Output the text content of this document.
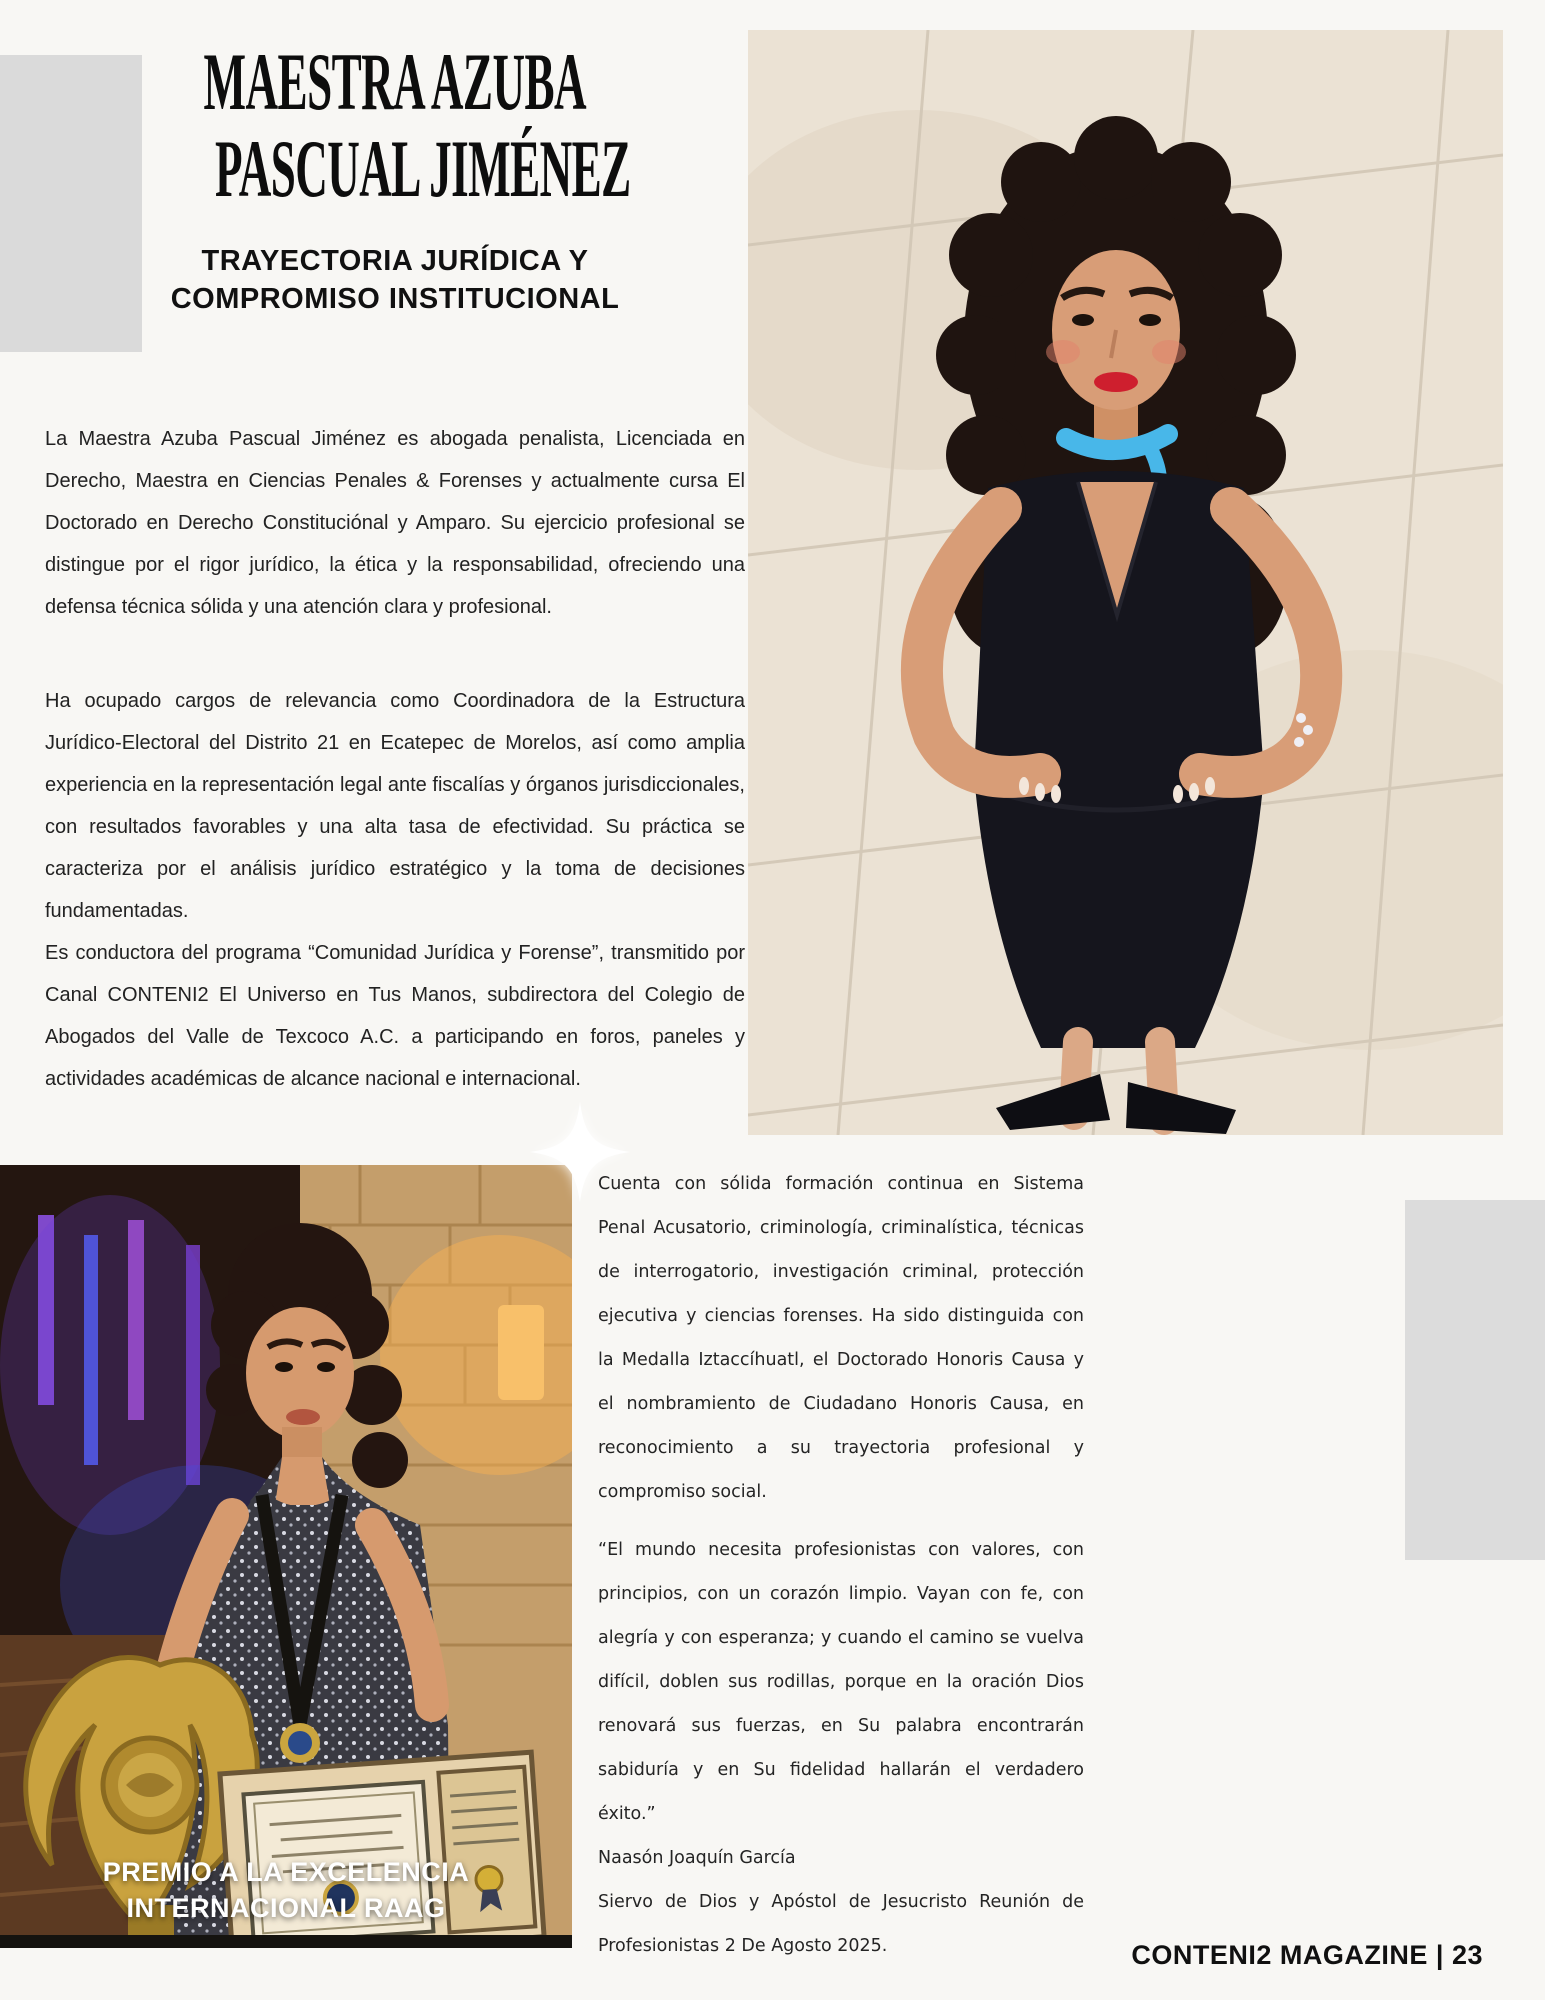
MAESTRA AZUBA
PASCUAL JIMÉNEZ
TRAYECTORIA JURÍDICA Y
COMPROMISO INSTITUCIONAL

La Maestra Azuba Pascual Jiménez es abogada penalista, Licenciada en Derecho, Maestra en Ciencias Penales & Forenses y actualmente cursa El Doctorado en Derecho Constituciónal y Amparo. Su ejercicio profesional se distingue por el rigor jurídico, la ética y la responsabilidad, ofreciendo una defensa técnica sólida y una atención clara y profesional.

Ha ocupado cargos de relevancia como Coordinadora de la Estructura Jurídico-Electoral del Distrito 21 en Ecatepec de Morelos, así como amplia experiencia en la representación legal ante fiscalías y órganos jurisdiccionales, con resultados favorables y una alta tasa de efectividad. Su práctica se caracteriza por el análisis jurídico estratégico y la toma de decisiones fundamentadas.

Es conductora del programa “Comunidad Jurídica y Forense”, transmitido por Canal CONTENI2 El Universo en Tus Manos, subdirectora del Colegio de Abogados del Valle de Texcoco A.C. a participando en foros, paneles y actividades académicas de alcance nacional e internacional.

PREMIO A LA EXCELENCIA
INTERNACIONAL RAAG

Cuenta con sólida formación continua en Sistema Penal Acusatorio, criminología, criminalística, técnicas de interrogatorio, investigación criminal, protección ejecutiva y ciencias forenses. Ha sido distinguida con la Medalla Iztaccíhuatl, el Doctorado Honoris Causa y el nombramiento de Ciudadano Honoris Causa, en reconocimiento a su trayectoria profesional y compromiso social.

“El mundo necesita profesionistas con valores, con principios, con un corazón limpio. Vayan con fe, con alegría y con esperanza; y cuando el camino se vuelva difícil, doblen sus rodillas, porque en la oración Dios renovará sus fuerzas, en Su palabra encontrarán sabiduría y en Su fidelidad hallarán el verdadero éxito.”

Naasón Joaquín García

Siervo de Dios y Apóstol de Jesucristo Reunión de Profesionistas 2 De Agosto 2025.	CONTENI2 MAGAZINE | 23
